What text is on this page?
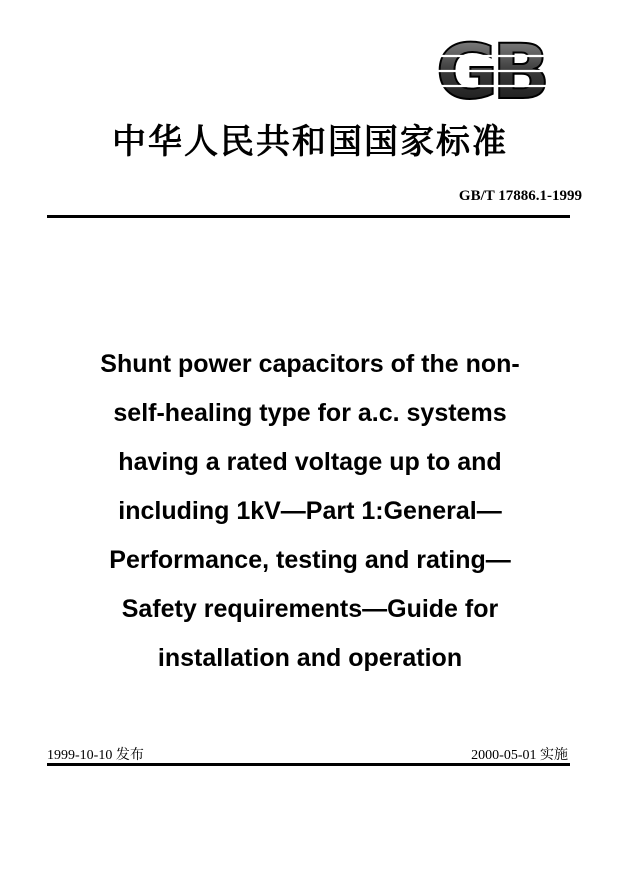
GB
中华人民共和国国家标准
GB/T 17886.1-1999
Shunt power capacitors of the non-
self-healing type for a.c. systems
having a rated voltage up to and
including 1kV—Part 1:General—
Performance, testing and rating—
Safety requirements—Guide for
installation and operation
1999-10-10 发布	2000-05-01 实施
